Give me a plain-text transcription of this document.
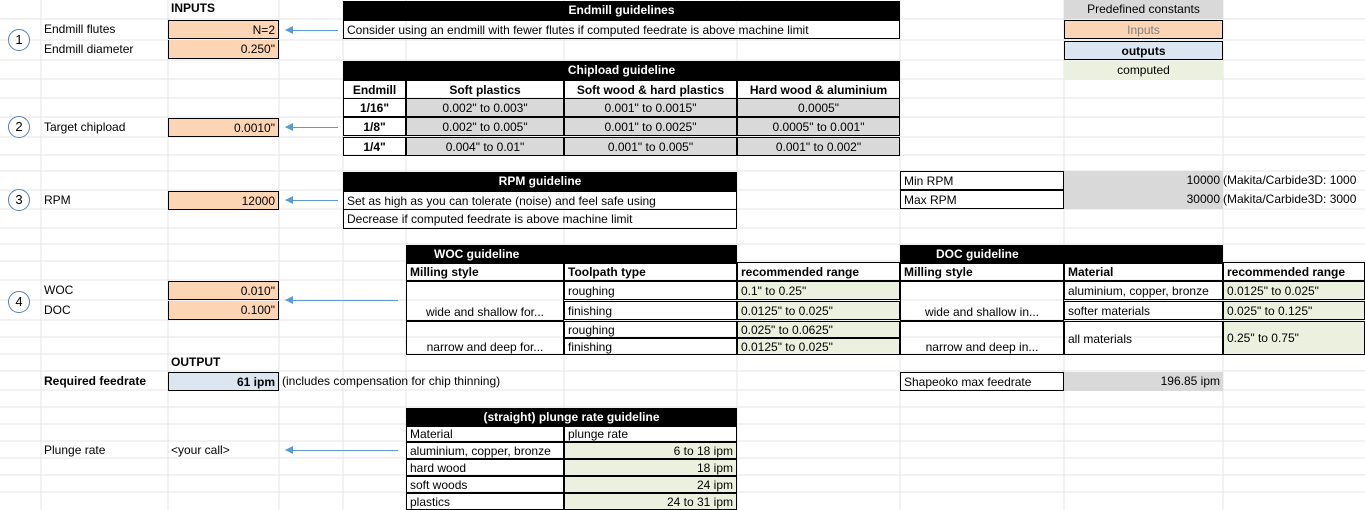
INPUTS
1
Endmill flutes	N=2
Endmill diameter	0.250"
2	Target chipload	0.0010"
3	RPM	12000
4
WOC	0.010"
DOC	0.100"
OUTPUT
Required feedrate	61 ipm (includes compensation for chip thinning)
Plunge rate	<your call>
Endmill guidelines
Consider using an endmill with fewer flutes if computed feedrate is above machine limit
Chipload guideline
Endmill	Soft plastics	Soft wood & hard plastics	Hard wood & aluminium
1/16"	0.002" to 0.003"	0.001" to 0.0015"	0.0005"
1/8"	0.002" to 0.005"	0.001" to 0.0025"	0.0005" to 0.001"
1/4"	0.004" to 0.01"	0.001" to 0.005"	0.001" to 0.002"
RPM guideline
Set as high as you can tolerate (noise) and feel safe using
Decrease if computed feedrate is above machine limit
Predefined constants
Inputs
outputs
computed
Min RPM	10000 (Makita/Carbide3D: 1000
Max RPM	30000 (Makita/Carbide3D: 3000
Shapeoko max feedrate	196.85 ipm
WOC guideline
Milling style	Toolpath type	recommended range
wide and shallow for...
roughing	0.1" to 0.25"
finishing	0.0125" to 0.025"
narrow and deep for...
roughing	0.025" to 0.0625"
finishing	0.0125" to 0.025"
DOC guideline
Milling style	Material	recommended range
wide and shallow in...
aluminium, copper, bronze	0.0125" to 0.025"
softer materials	0.025" to 0.125"
narrow and deep in...
all materials	0.25" to 0.75"
(straight) plunge rate guideline
Material	plunge rate
aluminium, copper, bronze	6 to 18 ipm
hard wood	18 ipm
soft woods	24 ipm
plastics	24 to 31 ipm
